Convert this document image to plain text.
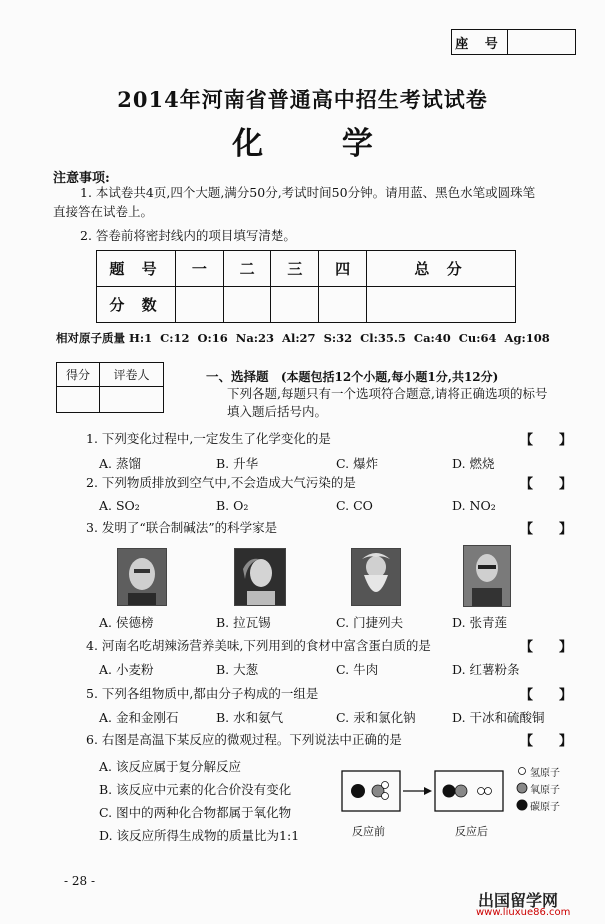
座 号
2014年河南省普通高中招生考试试卷
化 学
注意事项:
1. 本试卷共4页,四个大题,满分50分,考试时间50分钟。请用蓝、黑色水笔或圆珠笔
直接答在试卷上。
2. 答卷前将密封线内的项目填写清楚。
题 号	一	二	三	四	总 分
分 数					
相对原子质量 H:1  C:12  O:16  Na:23  Al:27  S:32  Cl:35.5  Ca:40  Cu:64  Ag:108
得分	评卷人
		一、选择题 (本题包括12个小题,每小题1分,共12分)
下列各题,每题只有一个选项符合题意,请将正确选项的标号
填入题后括号内。
1. 下列变化过程中,一定发生了化学变化的是	【　　】
A. 蒸馏	B. 升华	C. 爆炸	D. 燃烧
2. 下列物质排放到空气中,不会造成大气污染的是	【　　】
A. SO₂	B. O₂	C. CO	D. NO₂
3. 发明了“联合制碱法”的科学家是	【　　】
A. 侯德榜	B. 拉瓦锡	C. 门捷列夫	D. 张青莲
4. 河南名吃胡辣汤营养美味,下列用到的食材中富含蛋白质的是	【　　】
A. 小麦粉	B. 大葱	C. 牛肉	D. 红薯粉条
5. 下列各组物质中,都由分子构成的一组是	【　　】
A. 金和金刚石	B. 水和氨气	C. 汞和氯化钠	D. 干冰和硫酸铜
6. 右图是高温下某反应的微观过程。下列说法中正确的是	【　　】
A. 该反应属于复分解反应
B. 该反应中元素的化合价没有变化
C. 图中的两种化合物都属于氧化物
D. 该反应所得生成物的质量比为1:1	反应前	反应后
氢原子
氧原子
碳原子
- 28 -
出国留学网
www.liuxue86.com
